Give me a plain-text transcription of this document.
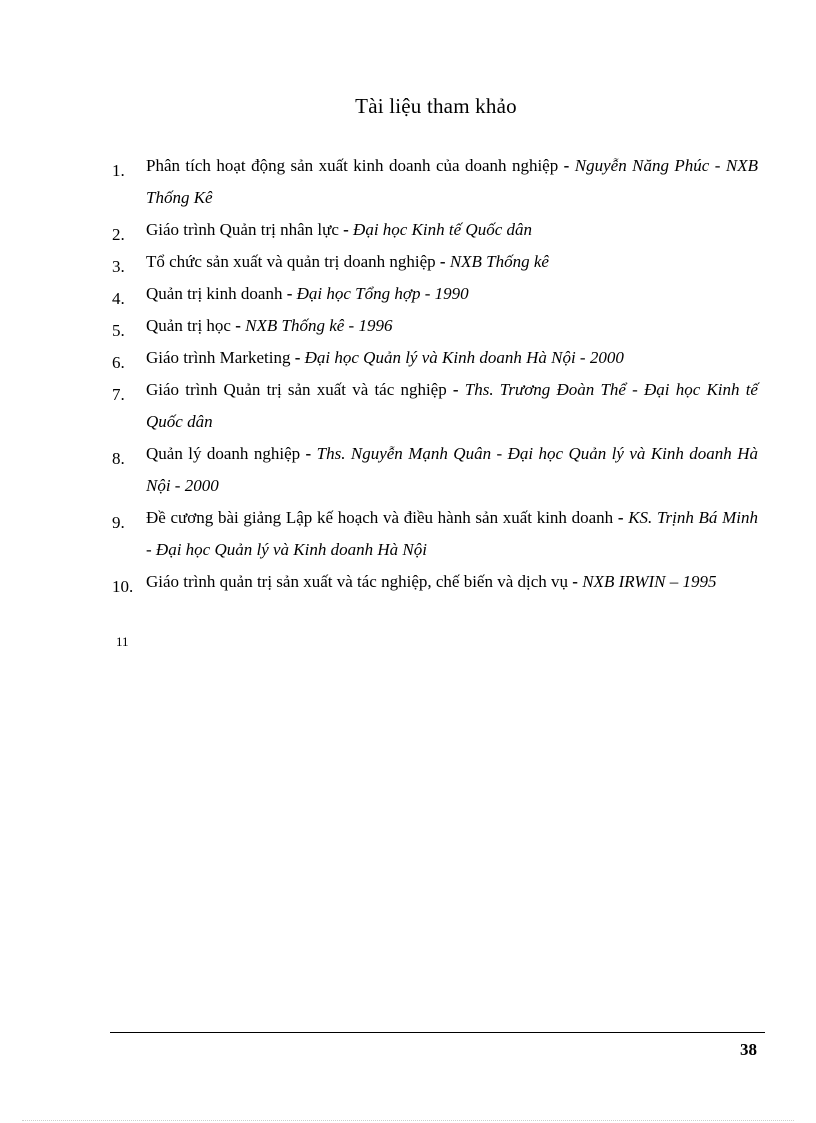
Tài liệu tham khảo
1. Phân tích hoạt động sản xuất kinh doanh của doanh nghiệp - Nguyễn Năng Phúc - NXB Thống Kê
2. Giáo trình Quản trị nhân lực - Đại học Kinh tế Quốc dân
3. Tổ chức sản xuất và quản trị doanh nghiệp - NXB Thống kê
4. Quản trị kinh doanh - Đại học Tổng hợp - 1990
5. Quản trị học - NXB Thống kê - 1996
6. Giáo trình Marketing - Đại học Quản lý và Kinh doanh Hà Nội - 2000
7. Giáo trình Quản trị sản xuất và tác nghiệp - Ths. Trương Đoàn Thể - Đại học Kinh tế Quốc dân
8. Quản lý doanh nghiệp - Ths. Nguyễn Mạnh Quân - Đại học Quản lý và Kinh doanh Hà Nội - 2000
9. Đề cương bài giảng Lập kế hoạch và điều hành sản xuất kinh doanh - KS. Trịnh Bá Minh - Đại học Quản lý và Kinh doanh Hà Nội
10. Giáo trình quản trị sản xuất và tác nghiệp, chế biến và dịch vụ - NXB IRWIN – 1995
11
38
